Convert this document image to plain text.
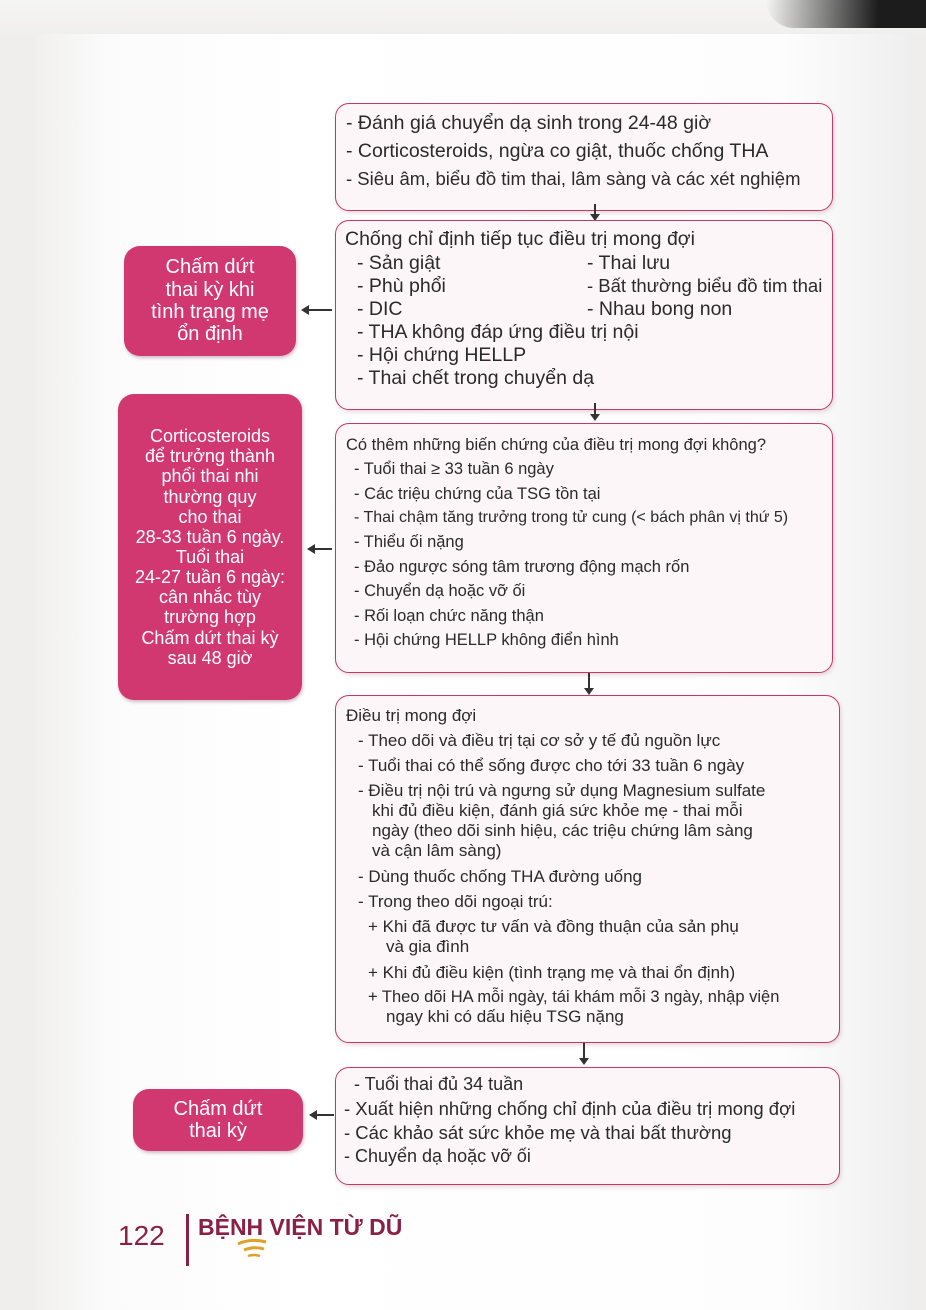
- Đánh giá chuyển dạ sinh trong 24-48 giờ
- Corticosteroids, ngừa co giật, thuốc chống THA
- Siêu âm, biểu đồ tim thai, lâm sàng và các xét nghiệm
Chống chỉ định tiếp tục điều trị mong đợi
- Sản giật	- Thai lưu
- Phù phổi	- Bất thường biểu đồ tim thai
- DIC	- Nhau bong non
- THA không đáp ứng điều trị nội
- Hội chứng HELLP
- Thai chết trong chuyển dạ
Chấm dứt
thai kỳ khi
tình trạng mẹ
ổn định
Có thêm những biến chứng của điều trị mong đợi không?
- Tuổi thai ≥ 33 tuần 6 ngày
- Các triệu chứng của TSG tồn tại
- Thai chậm tăng trưởng trong tử cung (< bách phân vị thứ 5)
- Thiểu ối nặng
- Đảo ngược sóng tâm trương động mạch rốn
- Chuyển dạ hoặc vỡ ối
- Rối loạn chức năng thận
- Hội chứng HELLP không điển hình
Corticosteroids
để trưởng thành
phổi thai nhi
thường quy
cho thai
28-33 tuần 6 ngày.
Tuổi thai
24-27 tuần 6 ngày:
cân nhắc tùy
trường hợp
Chấm dứt thai kỳ
sau 48 giờ
Điều trị mong đợi
- Theo dõi và điều trị tại cơ sở y tế đủ nguồn lực
- Tuổi thai có thể sống được cho tới 33 tuần 6 ngày
- Điều trị nội trú và ngưng sử dụng Magnesium sulfate
khi đủ điều kiện, đánh giá sức khỏe mẹ - thai mỗi
ngày (theo dõi sinh hiệu, các triệu chứng lâm sàng
và cận lâm sàng)
- Dùng thuốc chống THA đường uống
- Trong theo dõi ngoại trú:
+ Khi đã được tư vấn và đồng thuận của sản phụ
và gia đình
+ Khi đủ điều kiện (tình trạng mẹ và thai ổn định)
+ Theo dõi HA mỗi ngày, tái khám mỗi 3 ngày, nhập viện
ngay khi có dấu hiệu TSG nặng
- Tuổi thai đủ 34 tuần
- Xuất hiện những chống chỉ định của điều trị mong đợi
- Các khảo sát sức khỏe mẹ và thai bất thường
- Chuyển dạ hoặc vỡ ối
Chấm dứt
thai kỳ
122 BỆNH VIỆN TỪ DŨ
